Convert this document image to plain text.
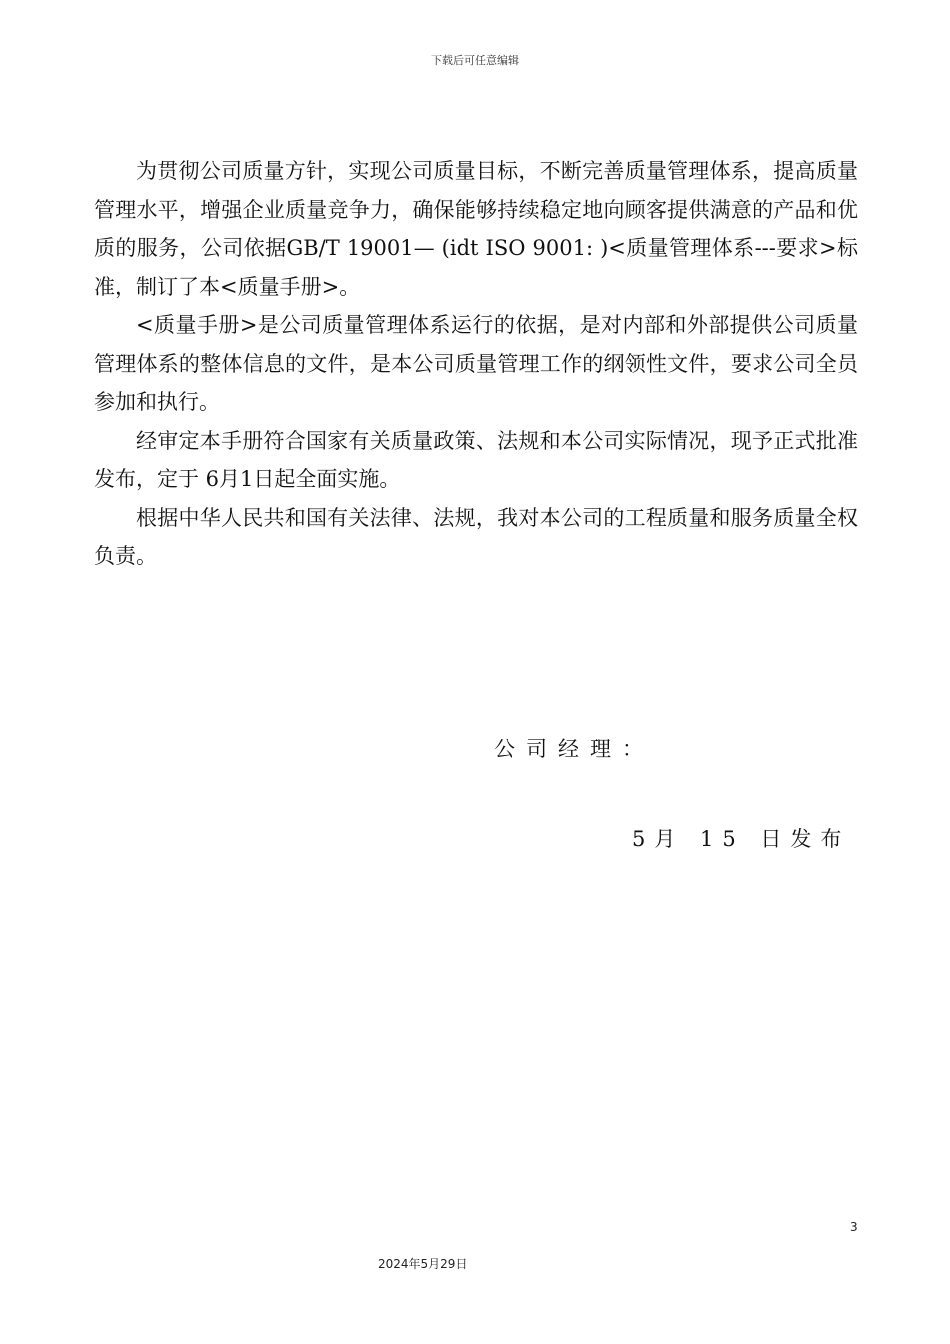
下载后可任意编辑

为贯彻公司质量方针，实现公司质量目标，不断完善质量管理体系，提高质量管理水平，增强企业质量竞争力，确保能够持续稳定地向顾客提供满意的产品和优质的服务，公司依据GB/T 19001— (idt ISO 9001: )<质量管理体系---要求>标准，制订了本<质量手册>。

<质量手册>是公司质量管理体系运行的依据，是对内部和外部提供公司质量管理体系的整体信息的文件，是本公司质量管理工作的纲领性文件，要求公司全员参加和执行。

经审定本手册符合国家有关质量政策、法规和本公司实际情况，现予正式批准发布，定于 6月1日起全面实施。

根据中华人民共和国有关法律、法规，我对本公司的工程质量和服务质量全权负责。

公司经理：
5月 15 日发布
3
2024年5月29日
